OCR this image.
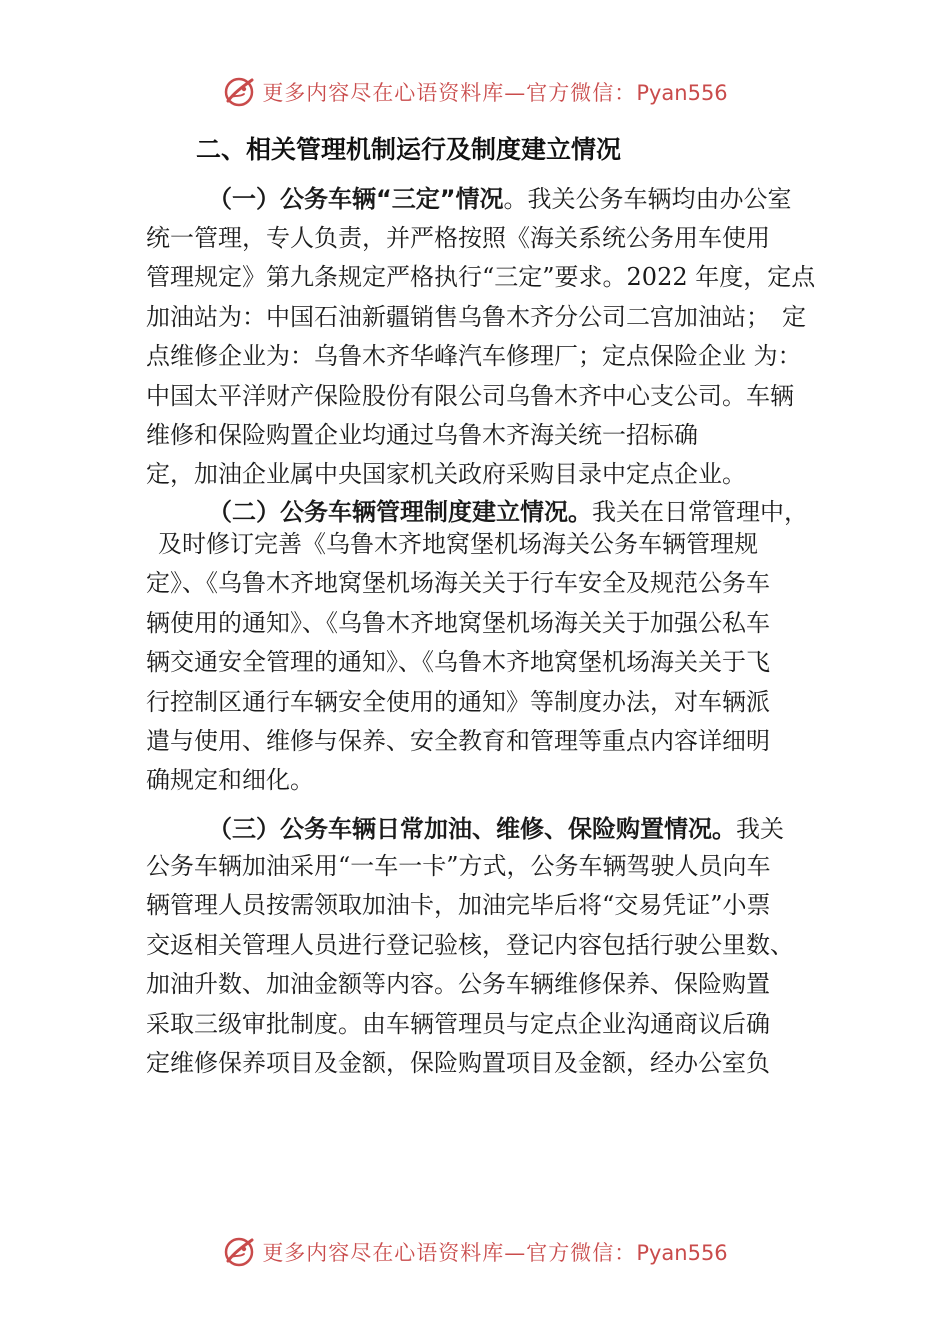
更多内容尽在心语资料库—官方微信：Pyan556
二、相关管理机制运行及制度建立情况
（一）公务车辆“三定”情况。我关公务车辆均由办公室
统一管理，专人负责，并严格按照《海关系统公务用车使用
管理规定》第九条规定严格执行“三定”要求。2022 年度，定点
加油站为：中国石油新疆销售乌鲁木齐分公司二宫加油站；　定
点维修企业为：乌鲁木齐华峰汽车修理厂；定点保险企业 为：
中国太平洋财产保险股份有限公司乌鲁木齐中心支公司。车辆
维修和保险购置企业均通过乌鲁木齐海关统一招标确
定，加油企业属中央国家机关政府采购目录中定点企业。
（二）公务车辆管理制度建立情况。我关在日常管理中，
及时修订完善《乌鲁木齐地窝堡机场海关公务车辆管理规
定》、《乌鲁木齐地窝堡机场海关关于行车安全及规范公务车
辆使用的通知》、《乌鲁木齐地窝堡机场海关关于加强公私车
辆交通安全管理的通知》、《乌鲁木齐地窝堡机场海关关于飞
行控制区通行车辆安全使用的通知》等制度办法，对车辆派
遣与使用、维修与保养、安全教育和管理等重点内容详细明
确规定和细化。
（三）公务车辆日常加油、维修、保险购置情况。我关
公务车辆加油采用“一车一卡”方式，公务车辆驾驶人员向车
辆管理人员按需领取加油卡，加油完毕后将“交易凭证”小票
交返相关管理人员进行登记验核，登记内容包括行驶公里数、
加油升数、加油金额等内容。公务车辆维修保养、保险购置
采取三级审批制度。由车辆管理员与定点企业沟通商议后确
定维修保养项目及金额，保险购置项目及金额，经办公室负
更多内容尽在心语资料库—官方微信：Pyan556
